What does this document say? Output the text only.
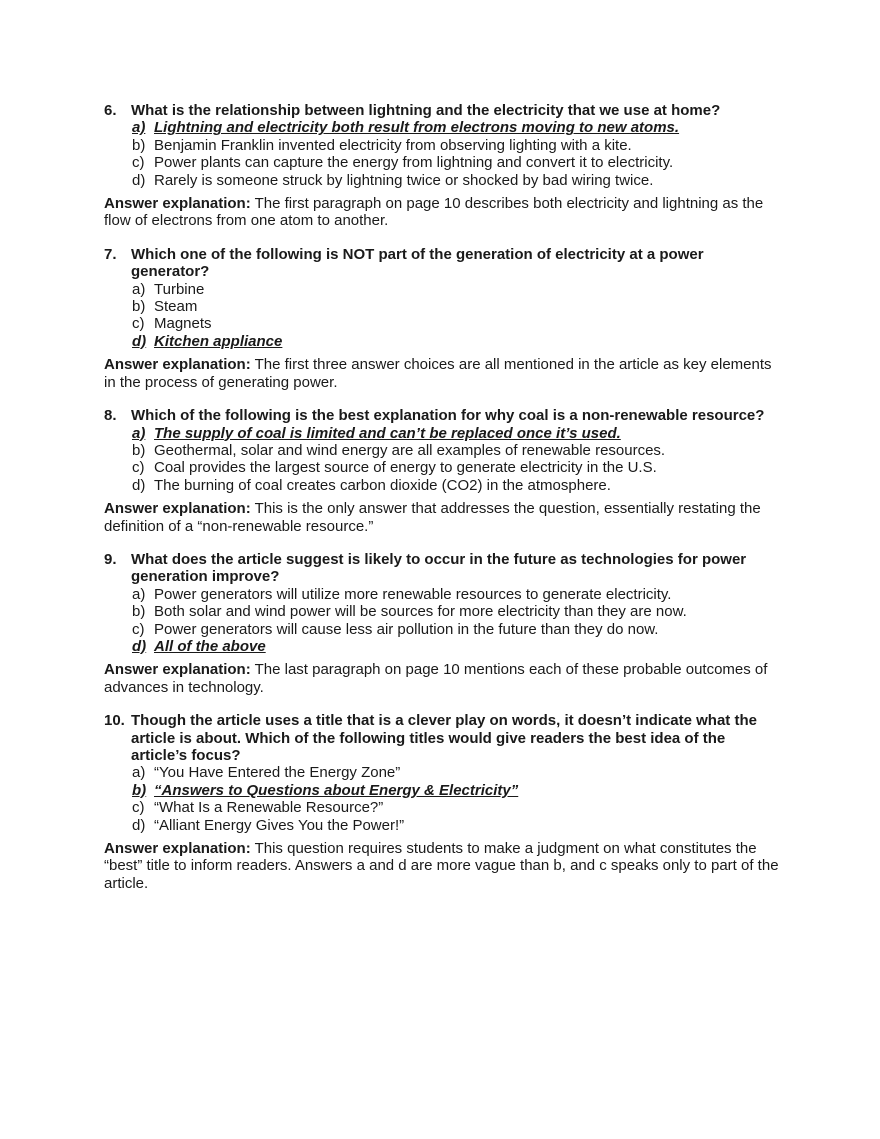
6. What is the relationship between lightning and the electricity that we use at home?
a) Lightning and electricity both result from electrons moving to new atoms.
b) Benjamin Franklin invented electricity from observing lighting with a kite.
c) Power plants can capture the energy from lightning and convert it to electricity.
d) Rarely is someone struck by lightning twice or shocked by bad wiring twice.
Answer explanation: The first paragraph on page 10 describes both electricity and lightning as the flow of electrons from one atom to another.
7. Which one of the following is NOT part of the generation of electricity at a power generator?
a) Turbine
b) Steam
c) Magnets
d) Kitchen appliance
Answer explanation: The first three answer choices are all mentioned in the article as key elements in the process of generating power.
8. Which of the following is the best explanation for why coal is a non-renewable resource?
a) The supply of coal is limited and can’t be replaced once it’s used.
b) Geothermal, solar and wind energy are all examples of renewable resources.
c) Coal provides the largest source of energy to generate electricity in the U.S.
d) The burning of coal creates carbon dioxide (CO2) in the atmosphere.
Answer explanation: This is the only answer that addresses the question, essentially restating the definition of a “non-renewable resource.”
9. What does the article suggest is likely to occur in the future as technologies for power generation improve?
a) Power generators will utilize more renewable resources to generate electricity.
b) Both solar and wind power will be sources for more electricity than they are now.
c) Power generators will cause less air pollution in the future than they do now.
d) All of the above
Answer explanation: The last paragraph on page 10 mentions each of these probable outcomes of advances in technology.
10. Though the article uses a title that is a clever play on words, it doesn’t indicate what the article is about. Which of the following titles would give readers the best idea of the article’s focus?
a) “You Have Entered the Energy Zone”
b) “Answers to Questions about Energy & Electricity”
c) “What Is a Renewable Resource?”
d) “Alliant Energy Gives You the Power!”
Answer explanation: This question requires students to make a judgment on what constitutes the “best” title to inform readers. Answers a and d are more vague than b, and c speaks only to part of the article.
